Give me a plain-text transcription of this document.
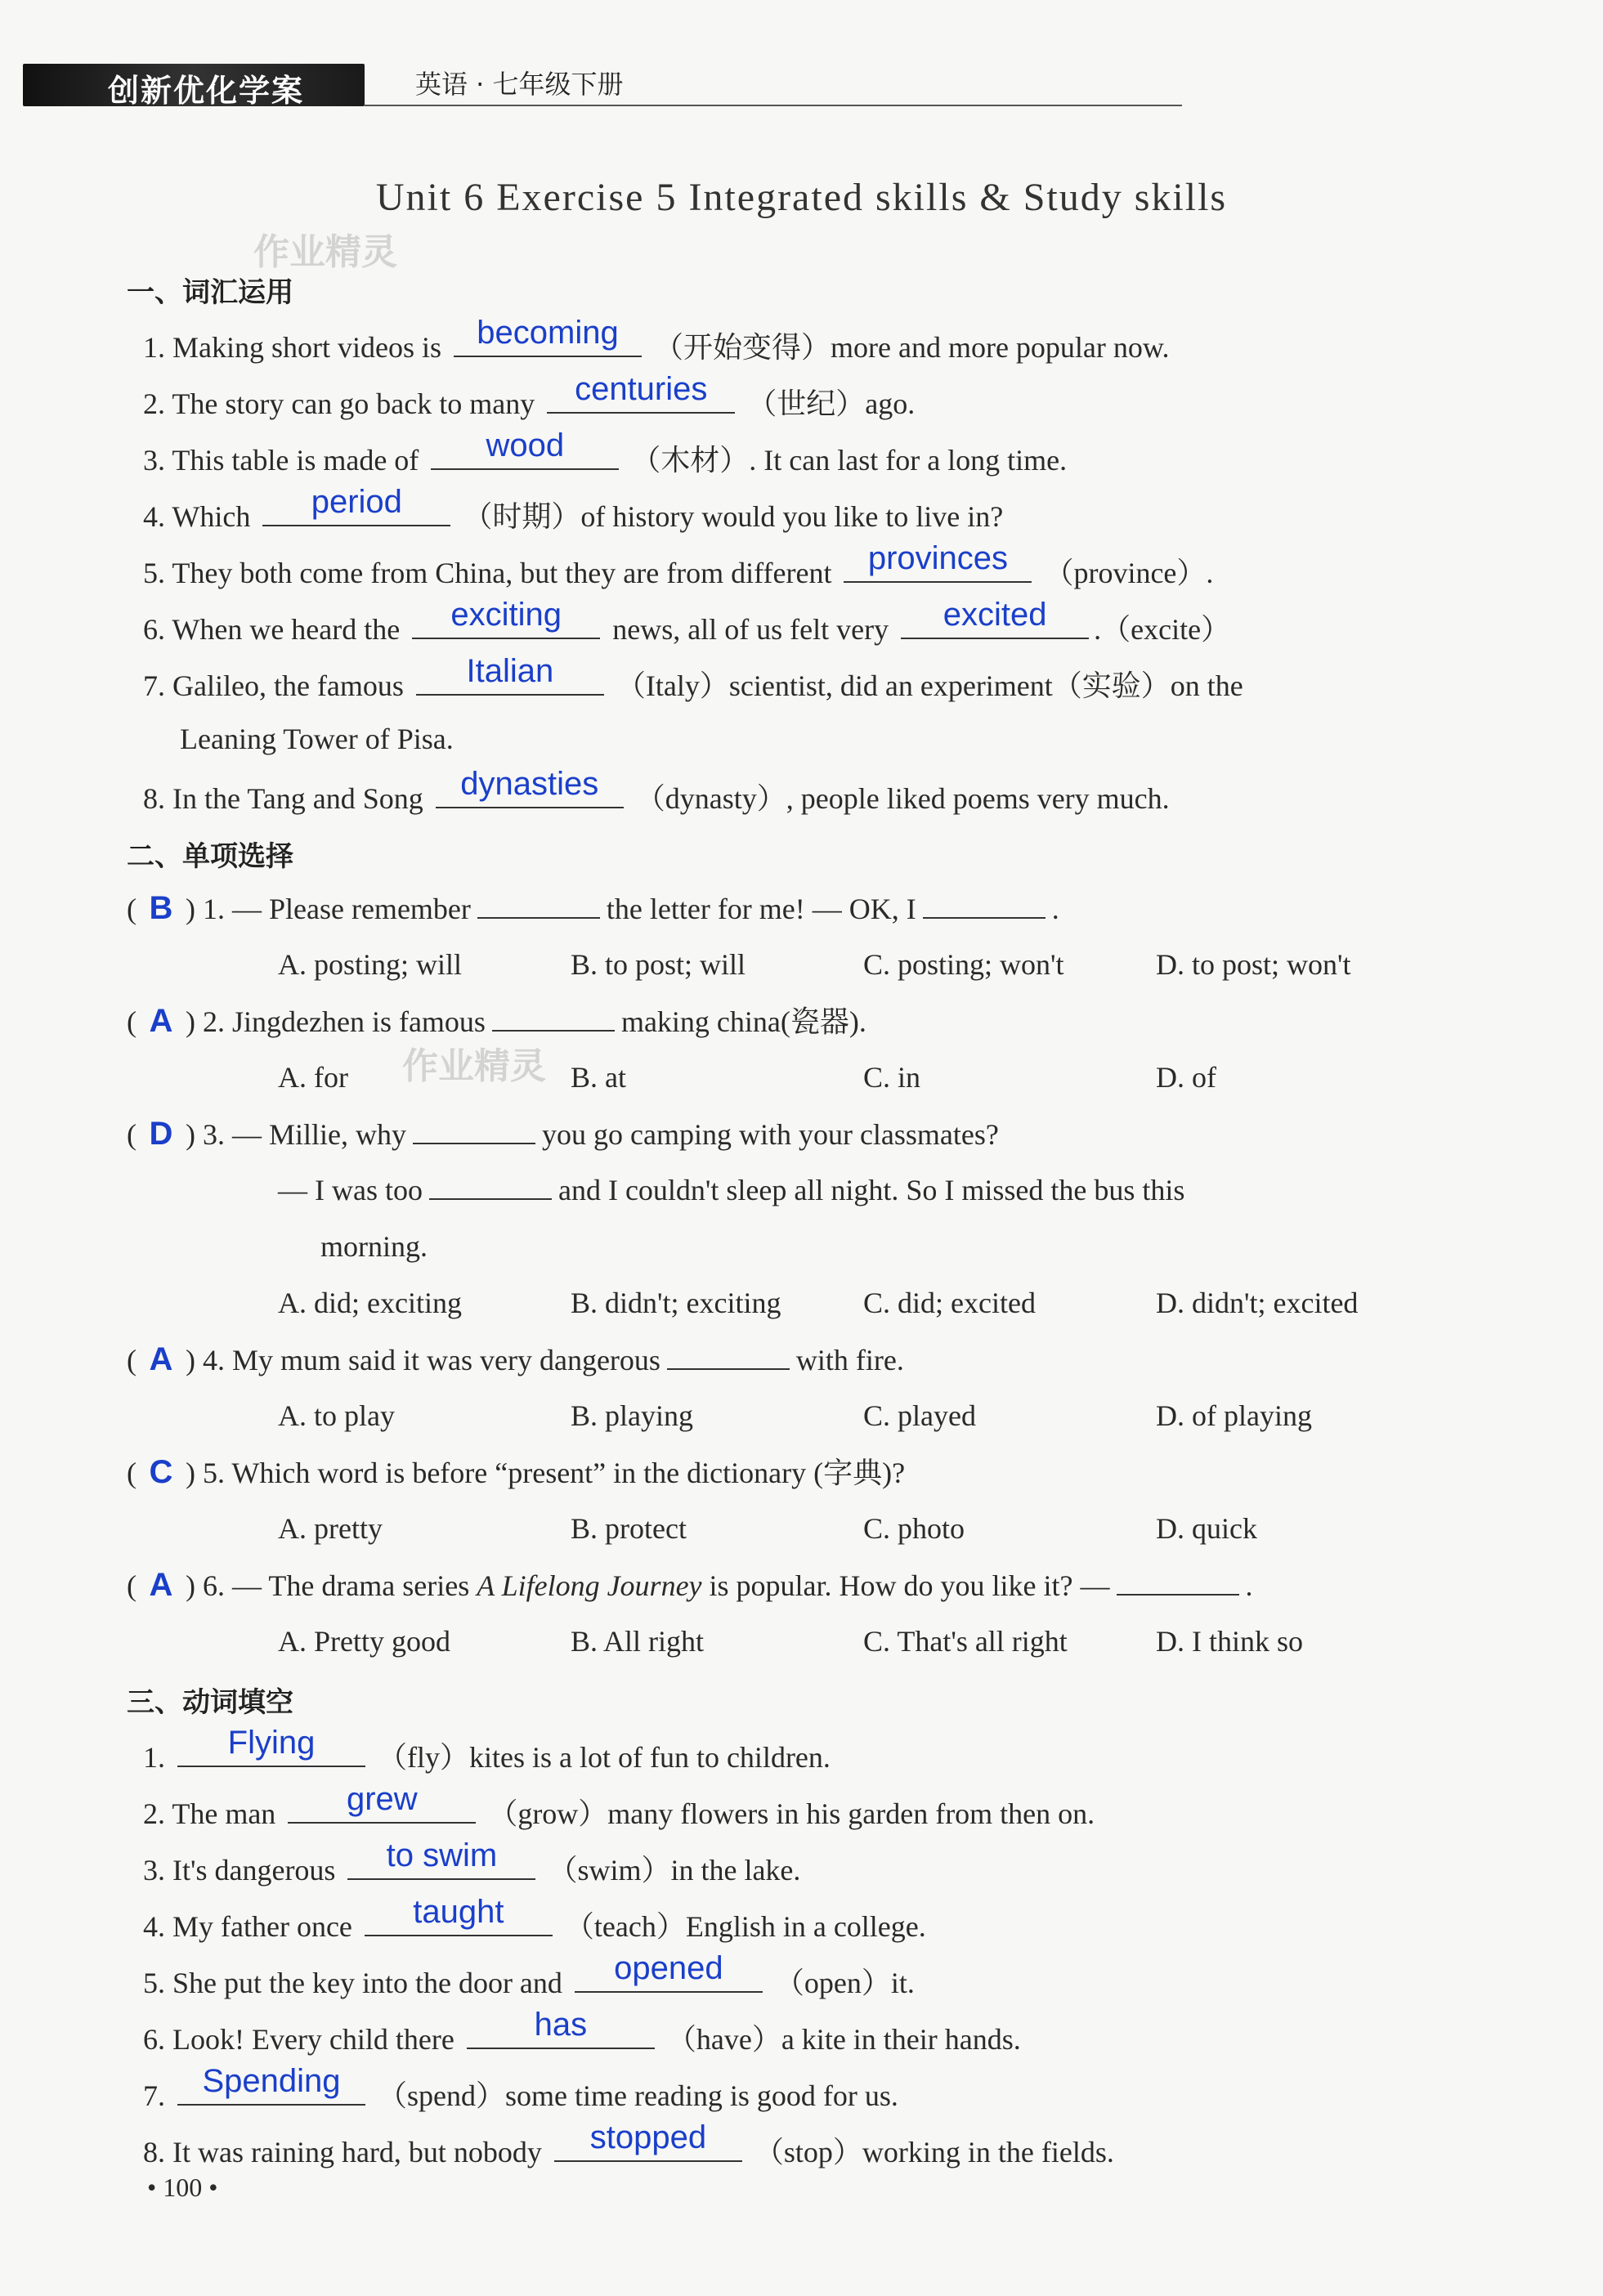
创新优化学案	英语 · 七年级下册
Unit 6 Exercise 5 Integrated skills & Study skills
作业精灵
作业精灵
一、词汇运用
1. Making short videos is	becoming	（开始变得）more and more popular now.
2. The story can go back to many	centuries	（世纪）ago.
3. This table is made of	wood	（木材）. It can last for a long time.
4. Which	period	（时期）of history would you like to live in?
5. They both come from China, but they are from different	provinces	（province）.
6. When we heard the	exciting	news, all of us felt very	excited	.（excite）
7. Galileo, the famous	Italian	（Italy）scientist, did an experiment（实验）on the
Leaning Tower of Pisa.
8. In the Tang and Song	dynasties	（dynasty）, people liked poems very much.
二、单项选择
( B ) 1. — Please remember	the letter for me! — OK, I	.
A. posting; will	B. to post; will	C. posting; won't	D. to post; won't
( A ) 2. Jingdezhen is famous	making china(瓷器).
A. for	B. at	C. in	D. of
( D ) 3. — Millie, why	you go camping with your classmates?
— I was too	and I couldn't sleep all night. So I missed the bus this
morning.
A. did; exciting	B. didn't; exciting	C. did; excited	D. didn't; excited
( A ) 4. My mum said it was very dangerous	with fire.
A. to play	B. playing	C. played	D. of playing
( C ) 5. Which word is before “present” in the dictionary (字典)?
A. pretty	B. protect	C. photo	D. quick
( A ) 6. — The drama series A Lifelong Journey is popular. How do you like it? —	.
A. Pretty good	B. All right	C. That's all right	D. I think so
三、动词填空
1.	Flying	（fly）kites is a lot of fun to children.
2. The man	grew	（grow）many flowers in his garden from then on.
3. It's dangerous	to swim	（swim）in the lake.
4. My father once	taught	（teach）English in a college.
5. She put the key into the door and	opened	（open）it.
6. Look! Every child there	has	（have）a kite in their hands.
7.	Spending	（spend）some time reading is good for us.
8. It was raining hard, but nobody	stopped	（stop）working in the fields.
• 100 •
